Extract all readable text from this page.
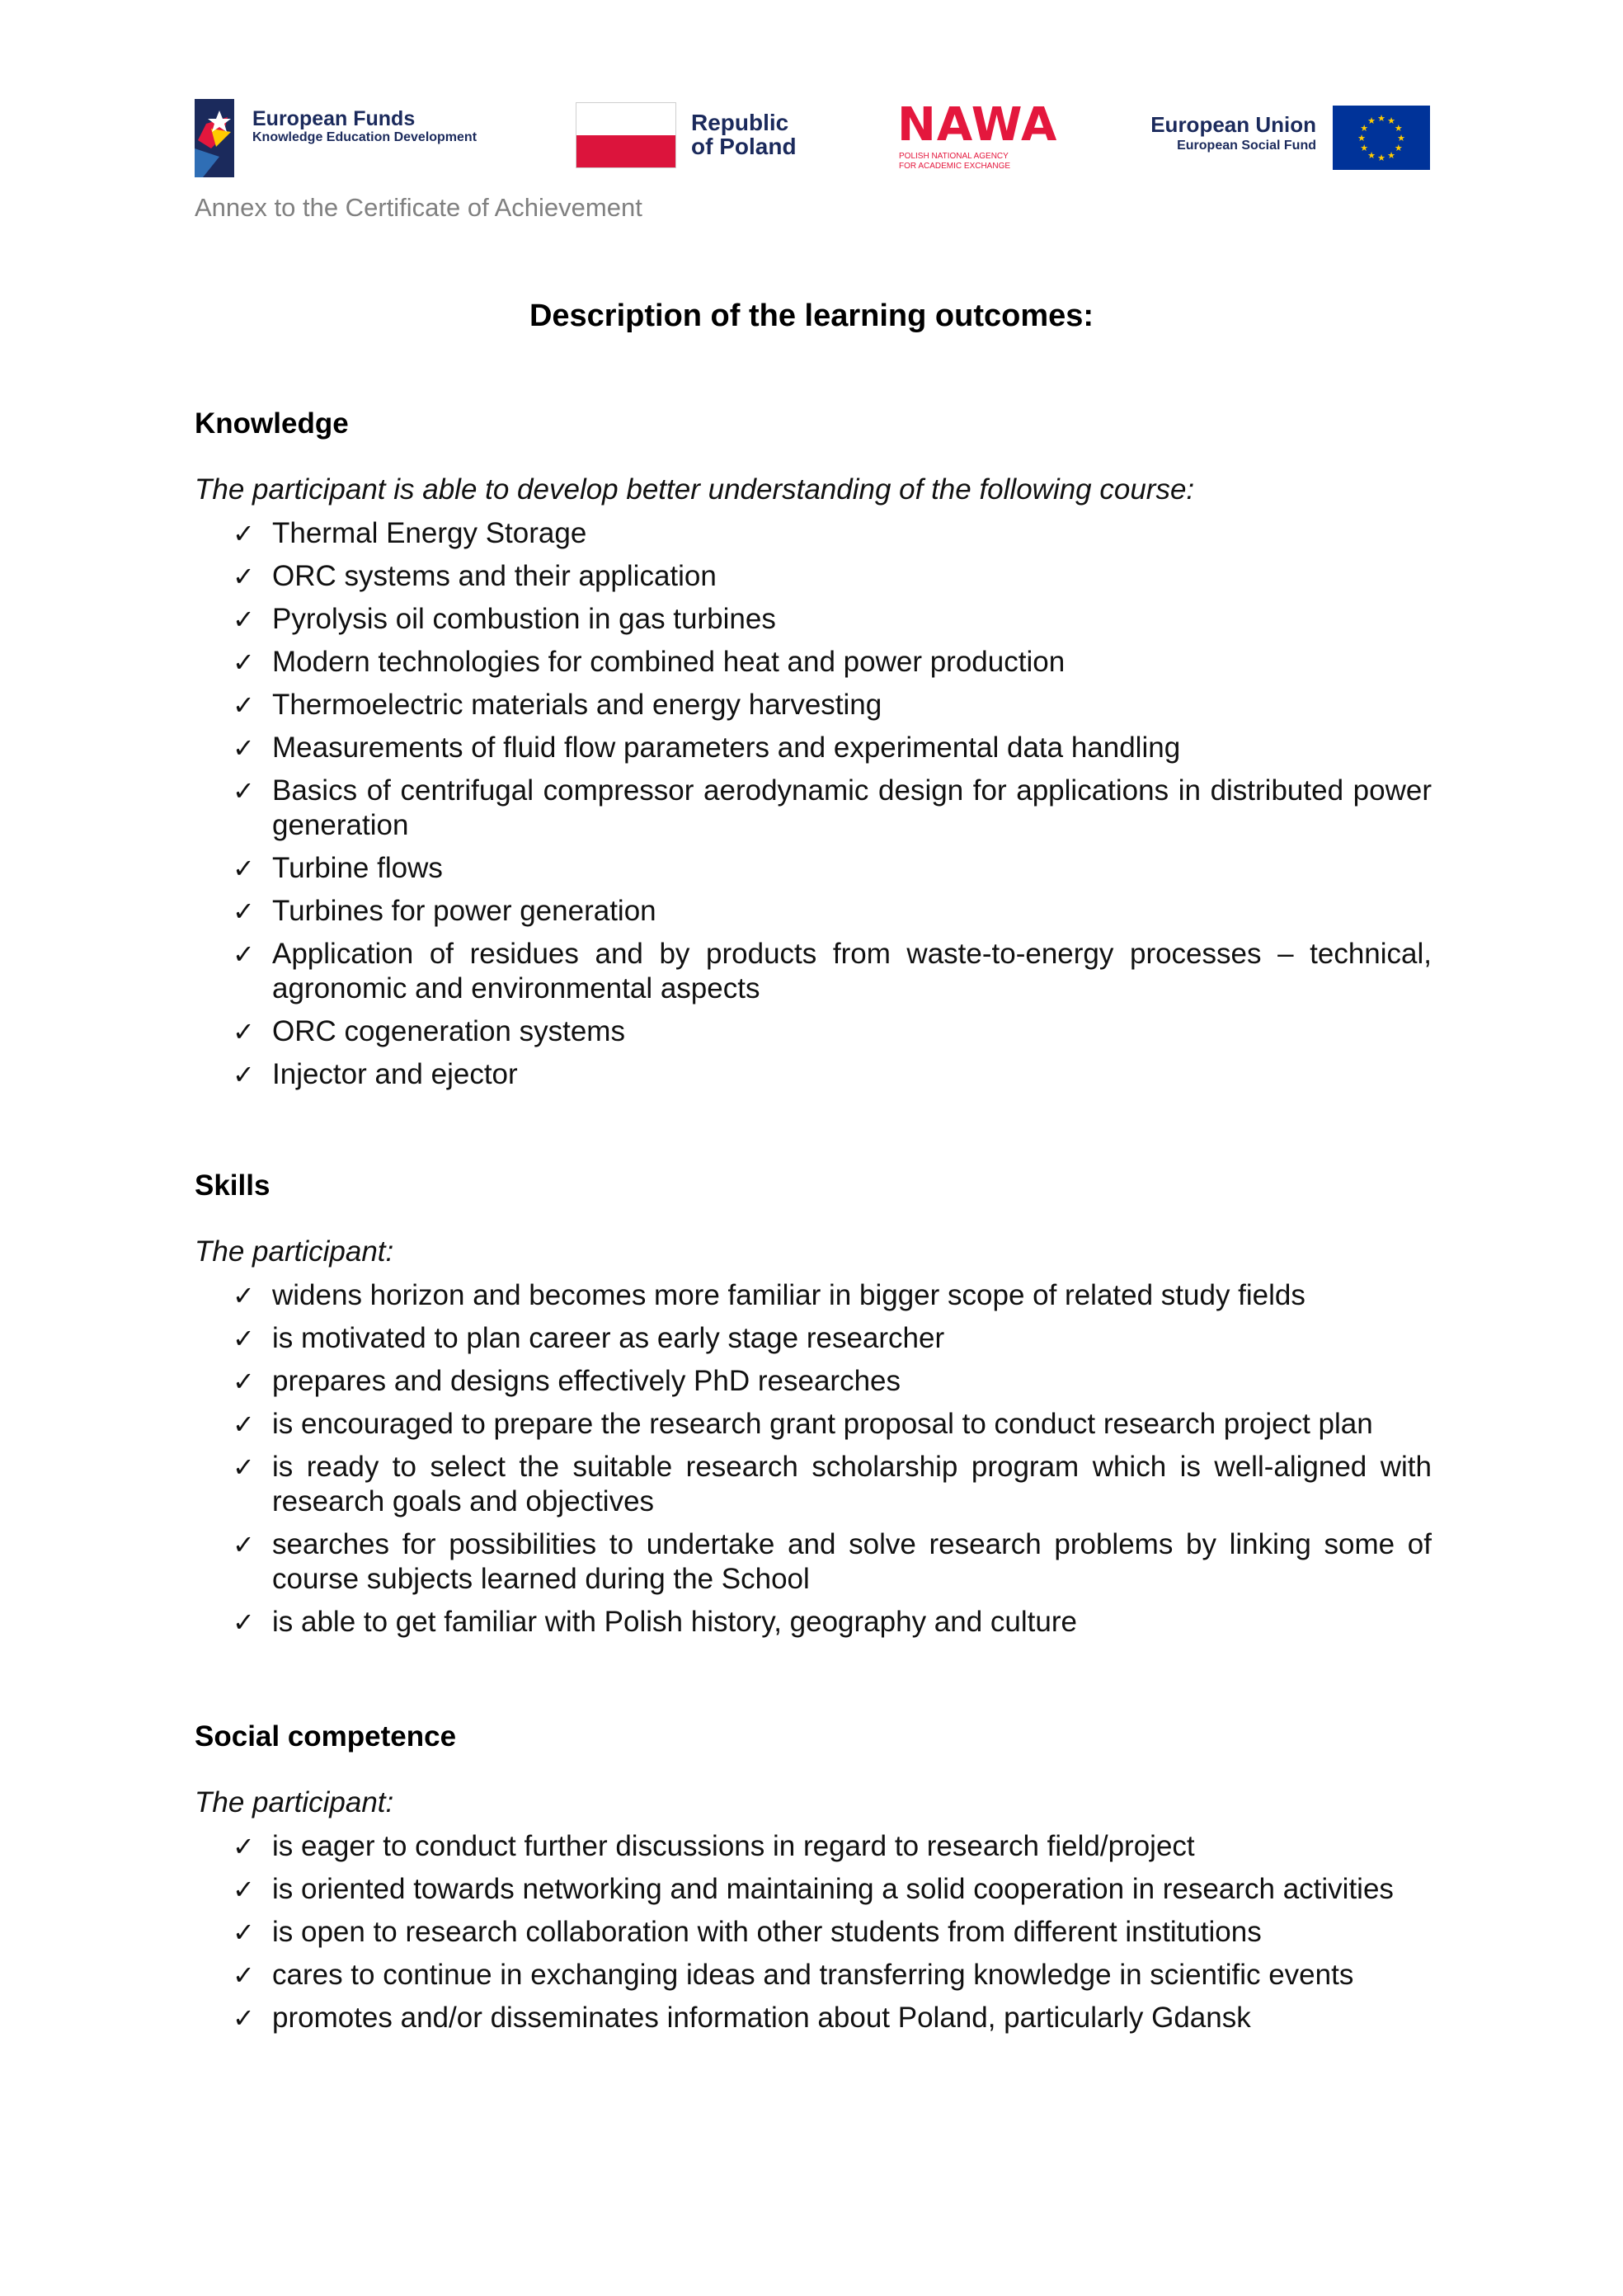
European Funds
Knowledge Education Development
Republic
of Poland NAWA
POLISH NATIONAL AGENCY
FOR ACADEMIC EXCHANGE
European Union
European Social Fund
★ ★
★
★
★
★
★
★
★
★
★
★
Annex to the Certificate of Achievement
Description of the learning outcomes:
Knowledge

The participant is able to develop better understanding of the following course:

✓ Thermal Energy Storage
✓ ORC systems and their application
✓ Pyrolysis oil combustion in gas turbines
✓ Modern technologies for combined heat and power production
✓ Thermoelectric materials and energy harvesting
✓ Measurements of fluid flow parameters and experimental data handling
✓ Basics of centrifugal compressor aerodynamic design for applications in distributed power generation
✓ Turbine flows
✓ Turbines for power generation
✓ Application of residues and by products from waste-to-energy processes – technical, agronomic and environmental aspects
✓ ORC cogeneration systems
✓ Injector and ejector
Skills

The participant:

✓ widens horizon and becomes more familiar in bigger scope of related study fields
✓ is motivated to plan career as early stage researcher
✓ prepares and designs effectively PhD researches
✓ is encouraged to prepare the research grant proposal to conduct research project plan
✓ is ready to select the suitable research scholarship program which is well-aligned with research goals and objectives
✓ searches for possibilities to undertake and solve research problems by linking some of course subjects learned during the School
✓ is able to get familiar with Polish history, geography and culture
Social competence

The participant:

✓ is eager to conduct further discussions in regard to research field/project
✓ is oriented towards networking and maintaining a solid cooperation in research activities
✓ is open to research collaboration with other students from different institutions
✓ cares to continue in exchanging ideas and transferring knowledge in scientific events
✓ promotes and/or disseminates information about Poland, particularly Gdansk
